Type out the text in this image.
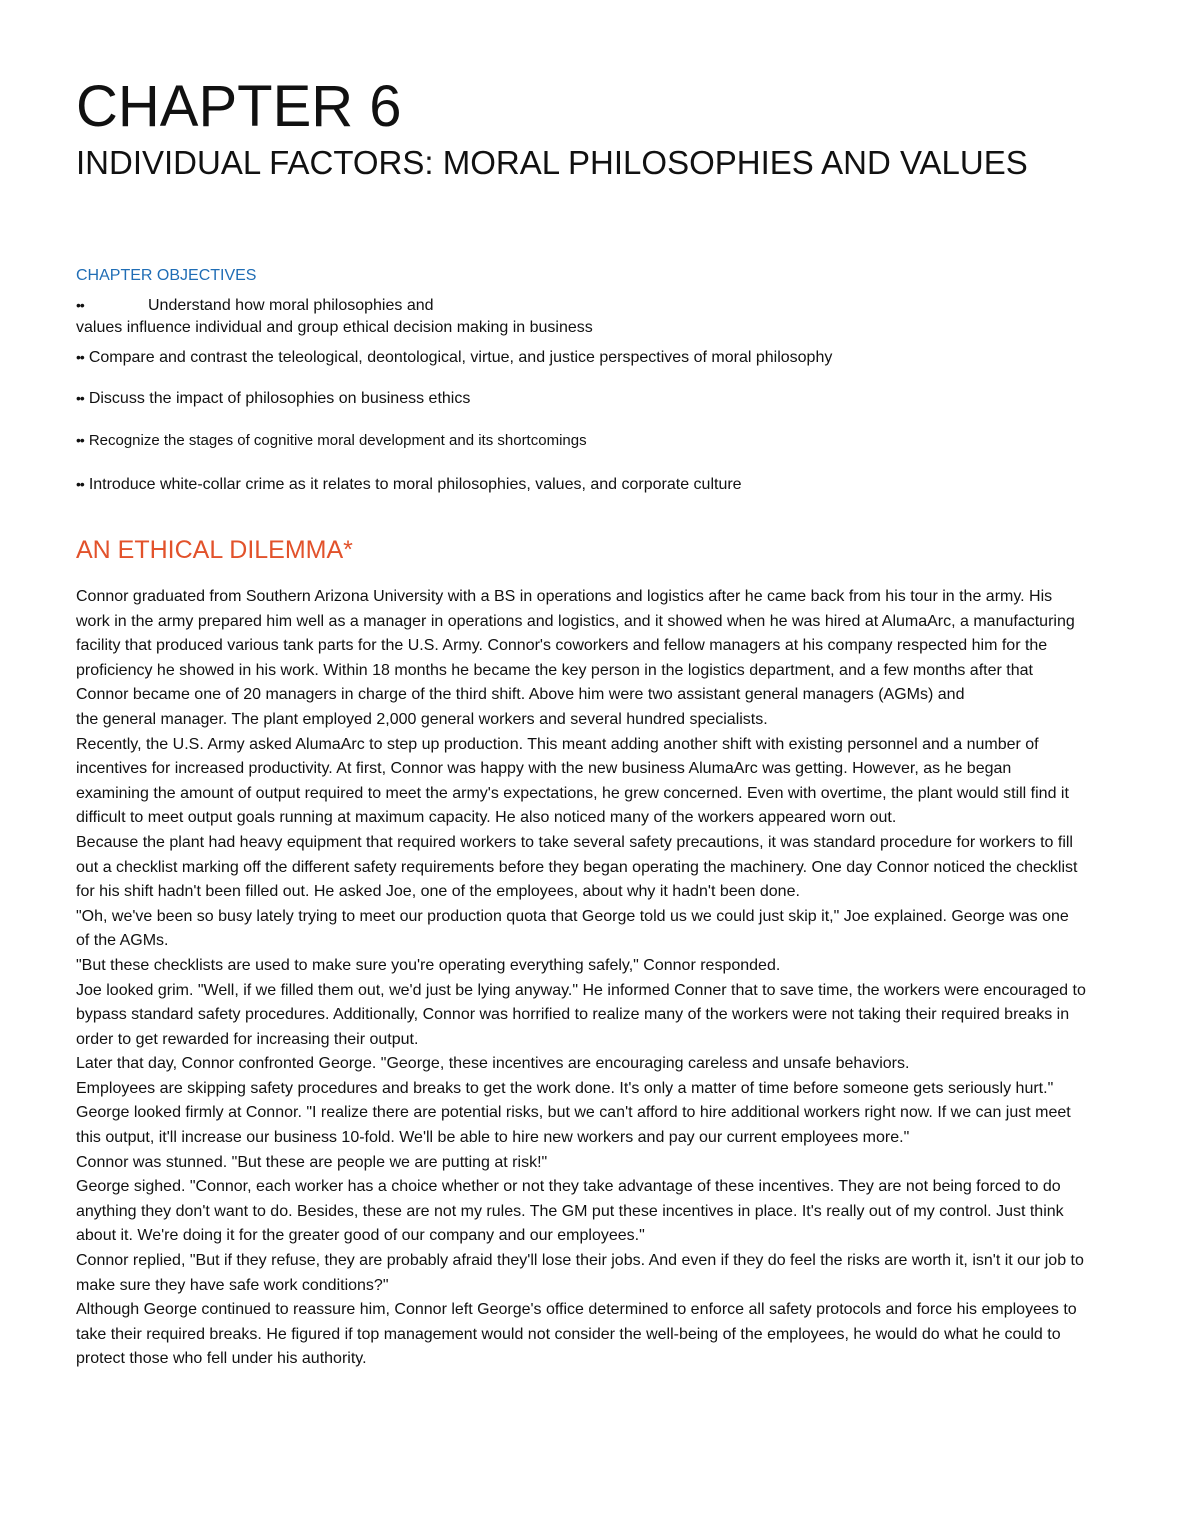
CHAPTER 6
INDIVIDUAL FACTORS: MORAL PHILOSOPHIES AND VALUES
CHAPTER OBJECTIVES
••	Understand how moral philosophies and
values influence individual and group ethical decision making in business
•• Compare and contrast the teleological, deontological, virtue, and justice perspectives of moral philosophy
•• Discuss the impact of philosophies on business ethics
•• Recognize the stages of cognitive moral development and its shortcomings
•• Introduce white-collar crime as it relates to moral philosophies, values, and corporate culture
AN ETHICAL DILEMMA*

Connor graduated from Southern Arizona University with a BS in operations and logistics after he came back from his tour in the army. His work in the army prepared him well as a manager in operations and logistics, and it showed when he was hired at AlumaArc, a manufacturing facility that produced various tank parts for the U.S. Army. Connor's coworkers and fellow managers at his company respected him for the proficiency he showed in his work. Within 18 months he became the key person in the logistics department, and a few months after that Connor became one of 20 managers in charge of the third shift. Above him were two assistant general managers (AGMs) and

the general manager. The plant employed 2,000 general workers and several hundred specialists.

Recently, the U.S. Army asked AlumaArc to step up production. This meant adding another shift with existing personnel and a number of incentives for increased productivity. At first, Connor was happy with the new business AlumaArc was getting. However, as he began examining the amount of output required to meet the army's expectations, he grew concerned. Even with overtime, the plant would still find it difficult to meet output goals running at maximum capacity. He also noticed many of the workers appeared worn out.

Because the plant had heavy equipment that required workers to take several safety precautions, it was standard procedure for workers to fill out a checklist marking off the different safety requirements before they began operating the machinery. One day Connor noticed the checklist for his shift hadn't been filled out. He asked Joe, one of the employees, about why it hadn't been done.

"Oh, we've been so busy lately trying to meet our production quota that George told us we could just skip it," Joe explained. George was one of the AGMs.

"But these checklists are used to make sure you're operating everything safely," Connor responded.

Joe looked grim. "Well, if we filled them out, we'd just be lying anyway." He informed Conner that to save time, the workers were encouraged to bypass standard safety procedures. Additionally, Connor was horrified to realize many of the workers were not taking their required breaks in order to get rewarded for increasing their output.

Later that day, Connor confronted George. "George, these incentives are encouraging careless and unsafe behaviors.

Employees are skipping safety procedures and breaks to get the work done. It's only a matter of time before someone gets seriously hurt."

George looked firmly at Connor. "I realize there are potential risks, but we can't afford to hire additional workers right now. If we can just meet this output, it'll increase our business 10-fold. We'll be able to hire new workers and pay our current employees more."

Connor was stunned. "But these are people we are putting at risk!"

George sighed. "Connor, each worker has a choice whether or not they take advantage of these incentives. They are not being forced to do anything they don't want to do. Besides, these are not my rules. The GM put these incentives in place. It's really out of my control. Just think about it. We're doing it for the greater good of our company and our employees."

Connor replied, "But if they refuse, they are probably afraid they'll lose their jobs. And even if they do feel the risks are worth it, isn't it our job to make sure they have safe work conditions?"

Although George continued to reassure him, Connor left George's office determined to enforce all safety protocols and force his employees to take their required breaks. He figured if top management would not consider the well-being of the employees, he would do what he could to protect those who fell under his authority.
